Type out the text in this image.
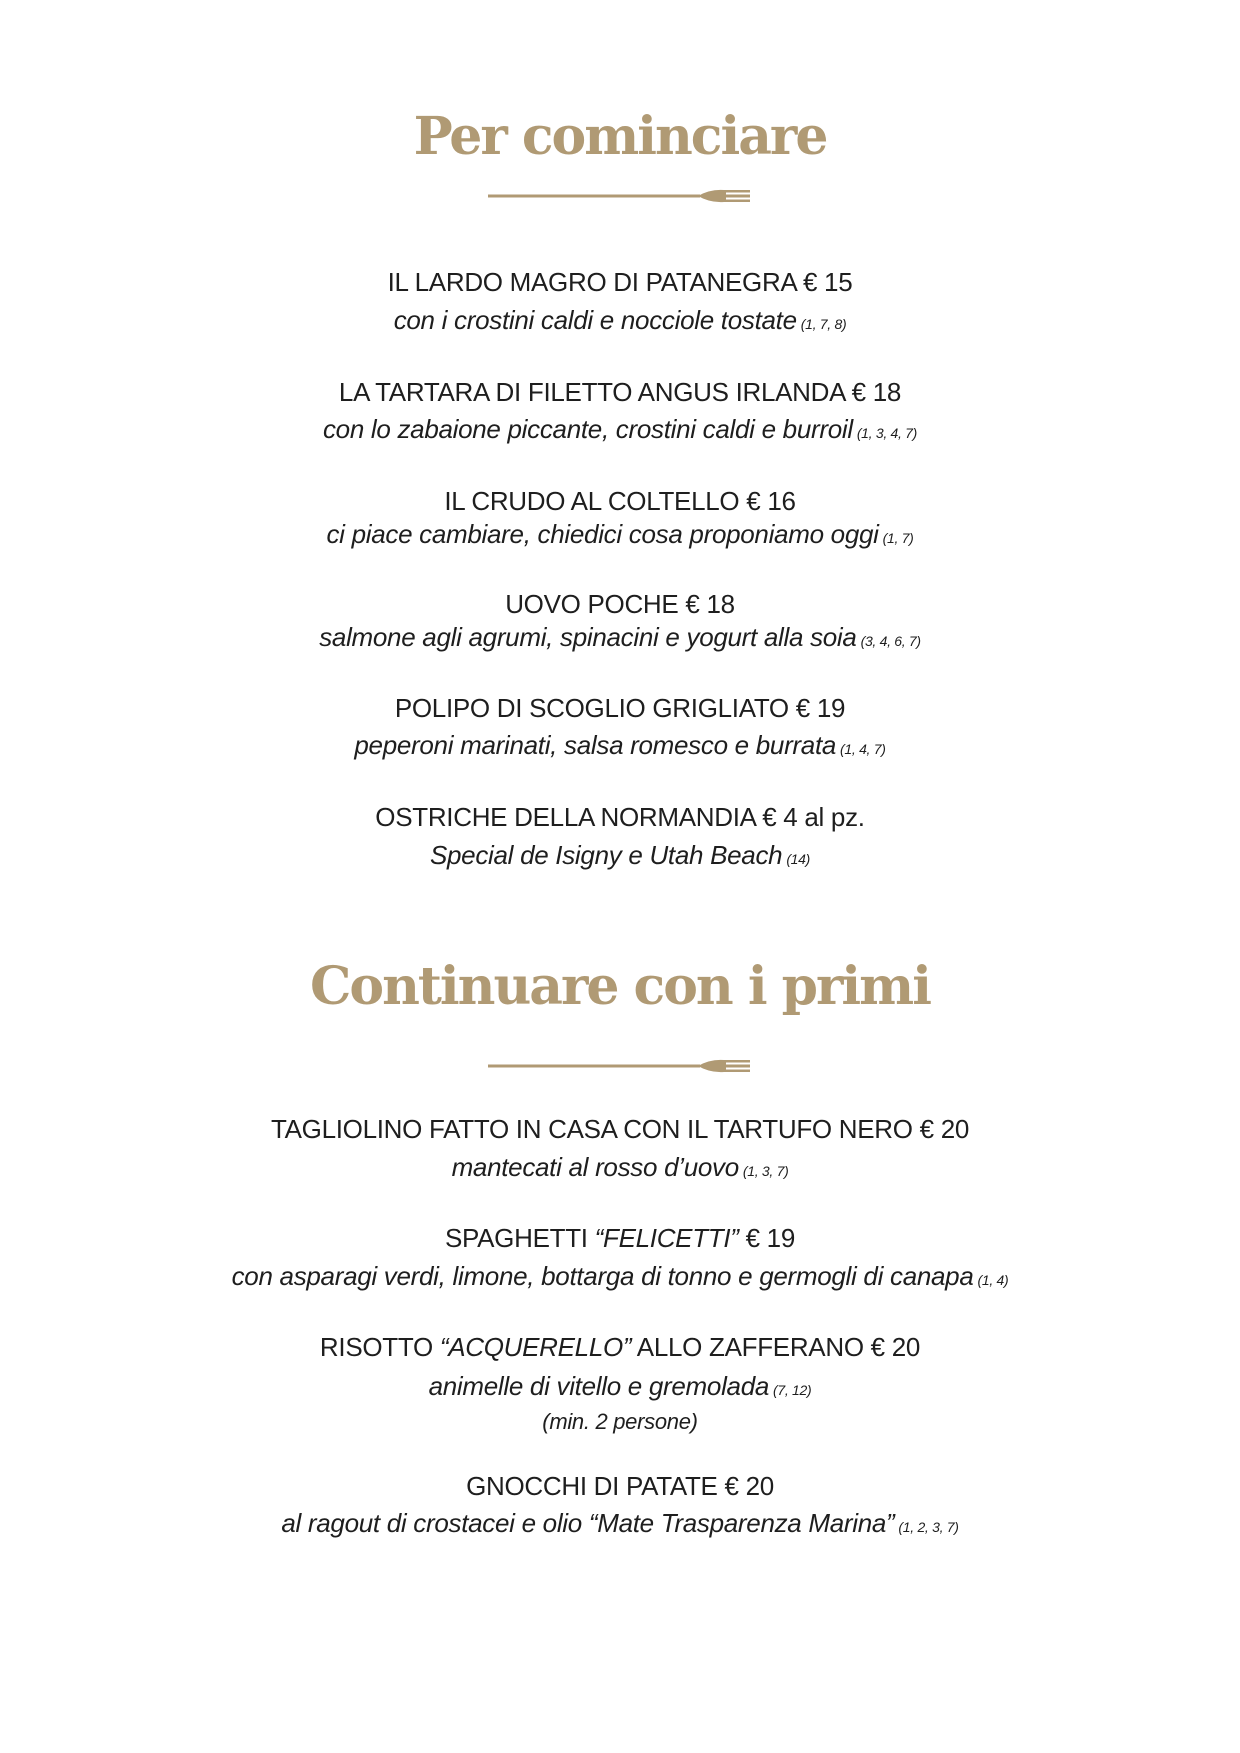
Per cominciare

IL LARDO MAGRO DI PATANEGRA € 15

con i crostini caldi e nocciole tostate (1, 7, 8)

LA TARTARA DI FILETTO ANGUS IRLANDA € 18

con lo zabaione piccante, crostini caldi e burroil (1, 3, 4, 7)

IL CRUDO AL COLTELLO € 16

ci piace cambiare, chiedici cosa proponiamo oggi (1, 7)

UOVO POCHE € 18

salmone agli agrumi, spinacini e yogurt alla soia (3, 4, 6, 7)

POLIPO DI SCOGLIO GRIGLIATO € 19

peperoni marinati, salsa romesco e burrata (1, 4, 7)

OSTRICHE DELLA NORMANDIA € 4 al pz.

Special de Isigny e Utah Beach (14)

Continuare con i primi

TAGLIOLINO FATTO IN CASA CON IL TARTUFO NERO € 20

mantecati al rosso d’uovo (1, 3, 7)

SPAGHETTI “FELICETTI” € 19

con asparagi verdi, limone, bottarga di tonno e germogli di canapa (1, 4)

RISOTTO “ACQUERELLO” ALLO ZAFFERANO € 20

animelle di vitello e gremolada (7, 12)

(min. 2 persone)

GNOCCHI DI PATATE € 20

al ragout di crostacei e olio “Mate Trasparenza Marina” (1, 2, 3, 7)
